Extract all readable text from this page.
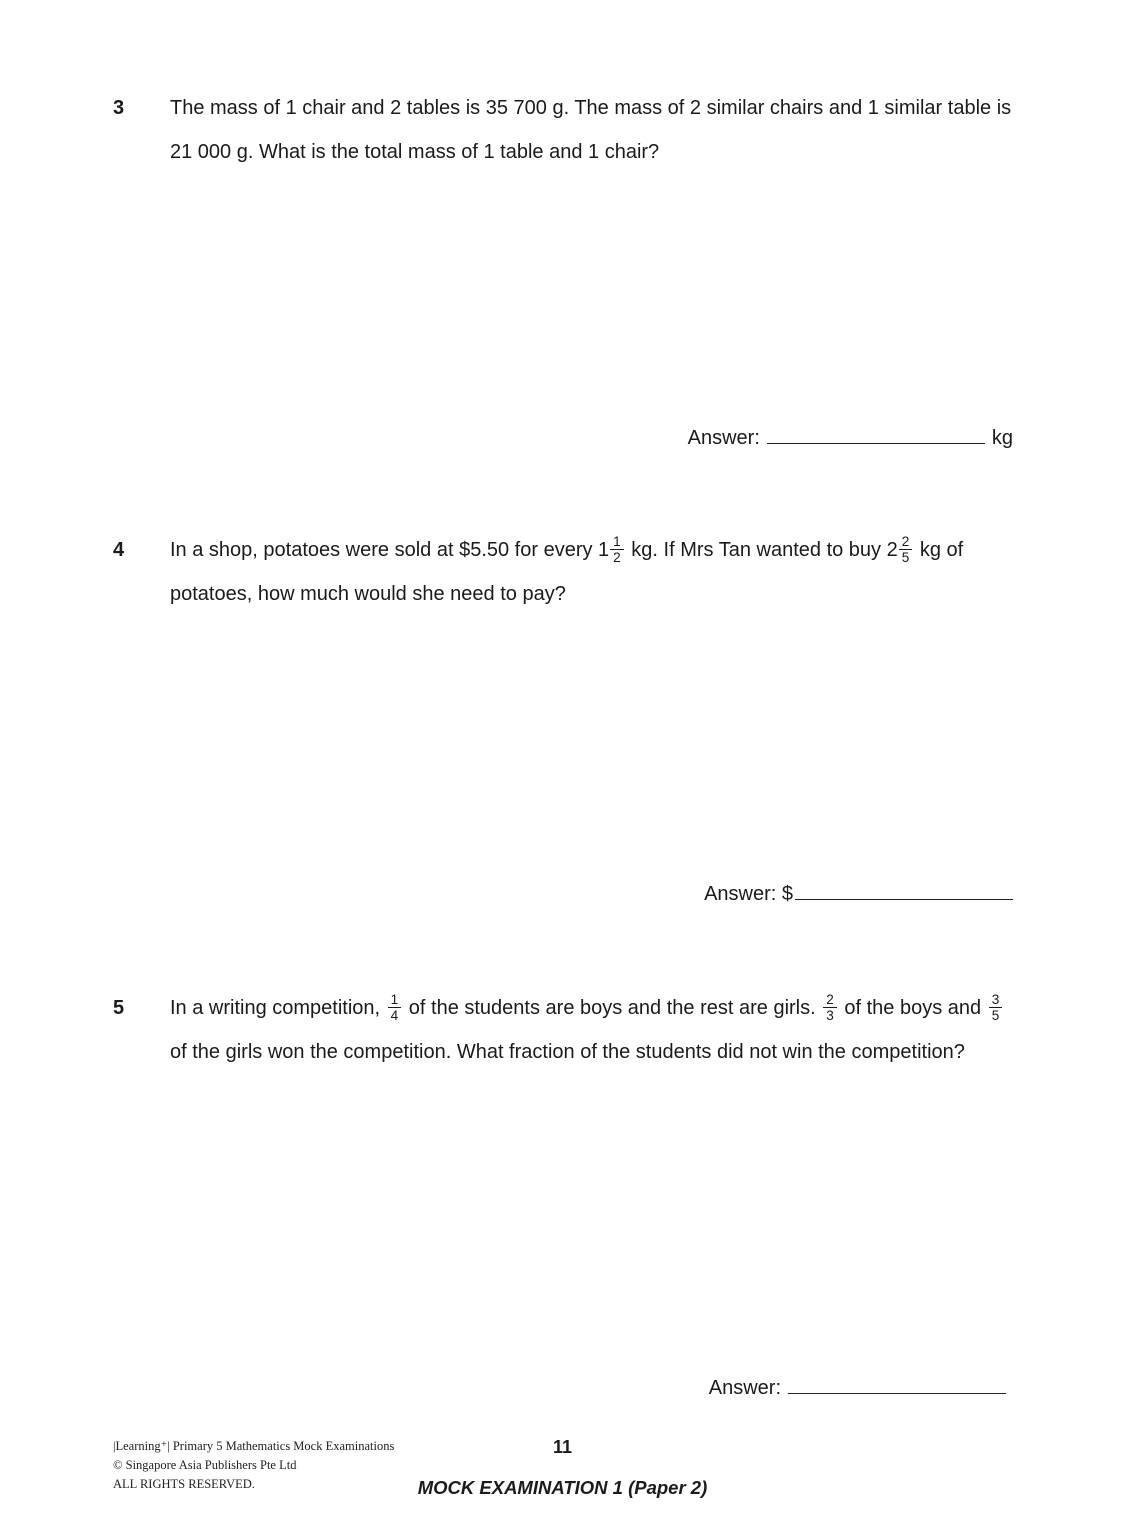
3	The mass of 1 chair and 2 tables is 35 700 g. The mass of 2 similar chairs and 1 similar table is 21 000 g. What is the total mass of 1 table and 1 chair?
Answer:	kg
4	In a shop, potatoes were sold at $5.50 for every $1 \frac{1}{2}$ kg. If Mrs Tan wanted to buy $2 \frac{2}{5}$ kg of potatoes, how much would she need to pay?
Answer: $
5	In a writing competition, $\frac{1}{4}$ of the students are boys and the rest are girls. $\frac{2}{3}$ of the boys and $\frac{3}{5}$
of the girls won the competition. What fraction of the students did not win the competition?
Answer:
|Learning⁺| Primary 5 Mathematics Mock Examinations
© Singapore Asia Publishers Pte Ltd
ALL RIGHTS RESERVED.
11
MOCK EXAMINATION 1 (Paper 2)
